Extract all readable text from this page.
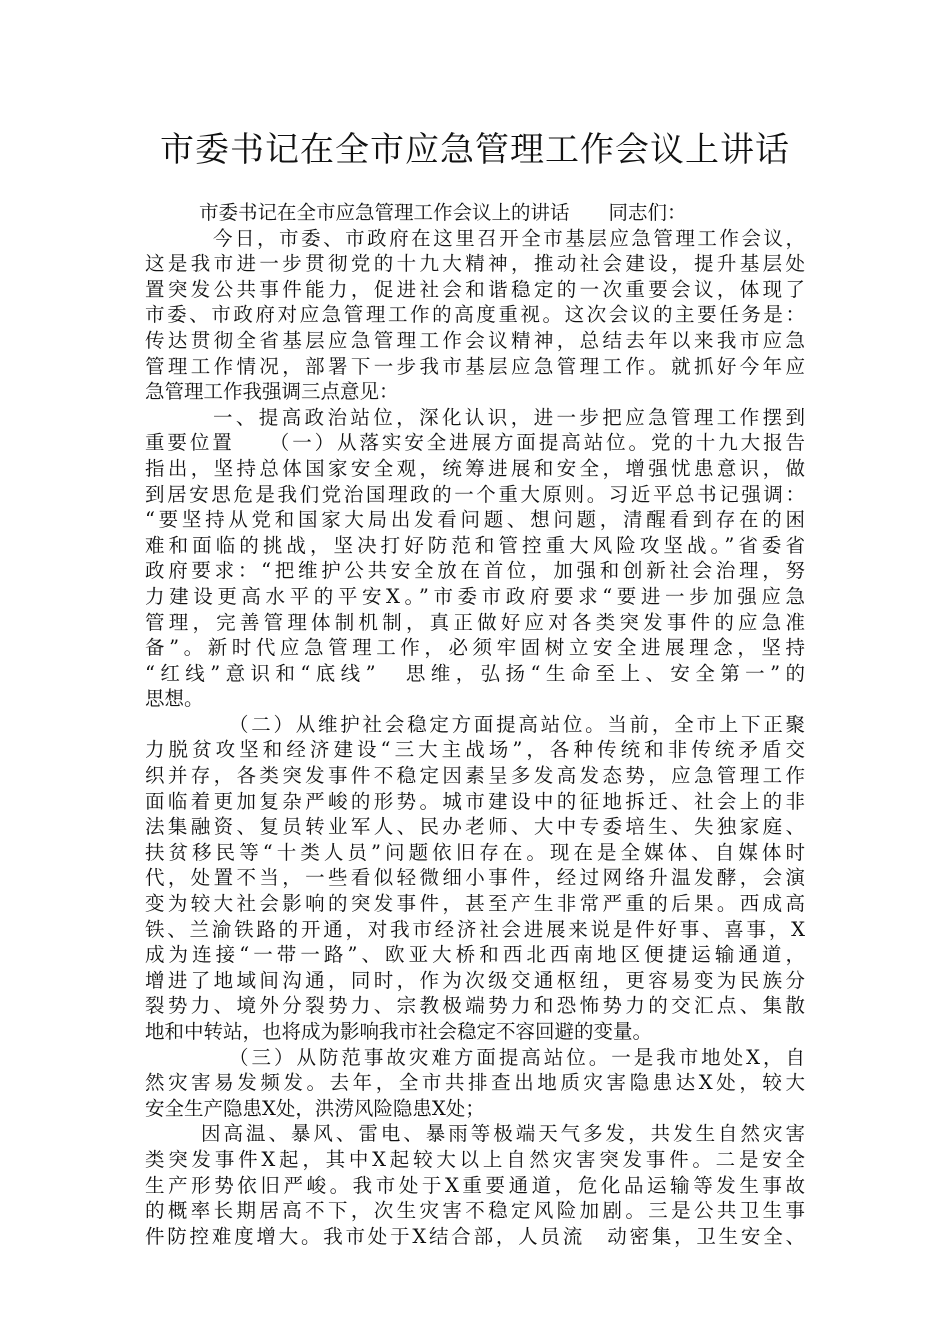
市委书记在全市应急管理工作会议上讲话
市委书记在全市应急管理工作会议上的讲话　　同志们：
今日，市委、市政府在这里召开全市基层应急管理工作会议，
这是我市进一步贯彻党的十九大精神，推动社会建设，提升基层处
置突发公共事件能力，促进社会和谐稳定的一次重要会议，体现了
市委、市政府对应急管理工作的高度重视。这次会议的主要任务是：
传达贯彻全省基层应急管理工作会议精神，总结去年以来我市应急
管理工作情况，部署下一步我市基层应急管理工作。就抓好今年应
急管理工作我强调三点意见：
一、提高政治站位，深化认识，进一步把应急管理工作摆到
重要位置　　（一）从落实安全进展方面提高站位。党的十九大报告
指出，坚持总体国家安全观，统筹进展和安全，增强忧患意识，做
到居安思危是我们党治国理政的一个重大原则。习近平总书记强调：
“要坚持从党和国家大局出发看问题、想问题，清醒看到存在的困
难和面临的挑战，坚决打好防范和管控重大风险攻坚战。”省委省
政府要求：“把维护公共安全放在首位，加强和创新社会治理，努
力建设更高水平的平安X。”市委市政府要求“要进一步加强应急
管理，完善管理体制机制，真正做好应对各类突发事件的应急准
备”。新时代应急管理工作，必须牢固树立安全进展理念，坚持
“红线”意识和“底线”　思维，弘扬“生命至上、安全第一”的
思想。
（二）从维护社会稳定方面提高站位。当前，全市上下正聚
力脱贫攻坚和经济建设“三大主战场”，各种传统和非传统矛盾交
织并存，各类突发事件不稳定因素呈多发高发态势，应急管理工作
面临着更加复杂严峻的形势。城市建设中的征地拆迁、社会上的非
法集融资、复员转业军人、民办老师、大中专委培生、失独家庭、
扶贫移民等“十类人员”问题依旧存在。现在是全媒体、自媒体时
代，处置不当，一些看似轻微细小事件，经过网络升温发酵，会演
变为较大社会影响的突发事件，甚至产生非常严重的后果。西成高
铁、兰渝铁路的开通，对我市经济社会进展来说是件好事、喜事，X
成为连接“一带一路”、欧亚大桥和西北西南地区便捷运输通道，
增进了地域间沟通，同时，作为次级交通枢纽，更容易变为民族分
裂势力、境外分裂势力、宗教极端势力和恐怖势力的交汇点、集散
地和中转站，也将成为影响我市社会稳定不容回避的变量。
（三）从防范事故灾难方面提高站位。一是我市地处X，自
然灾害易发频发。去年，全市共排查出地质灾害隐患达X处，较大
安全生产隐患X处，洪涝风险隐患X处；
因高温、暴风、雷电、暴雨等极端天气多发，共发生自然灾害
类突发事件X起，其中X起较大以上自然灾害突发事件。二是安全
生产形势依旧严峻。我市处于X重要通道，危化品运输等发生事故
的概率长期居高不下，次生灾害不稳定风险加剧。三是公共卫生事
件防控难度增大。我市处于X结合部，人员流　动密集，卫生安全、
